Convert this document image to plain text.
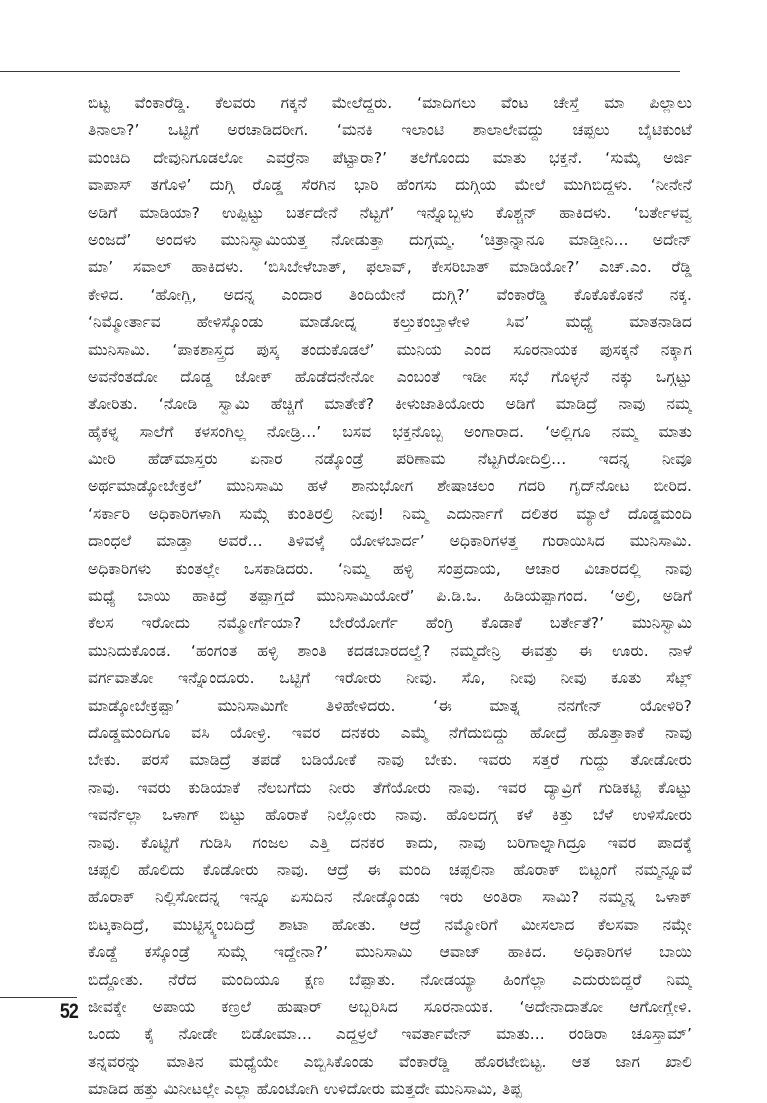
ಬಿಟ್ಟ ವೆಂಕಾರೆಡ್ಡಿ. ಕೆಲವರು ಗಕ್ಕನೆ ಮೇಲೆದ್ದರು. ‘ಮಾದಿಗಲು ವೆಂಟ ಚೇಸ್ತೆ ಮಾ ಪಿಲ್ಲಾಲು
ತಿನಾಲಾ?’ ಒಟ್ಟಿಗೆ ಅರಚಾಡಿದರೀಗ. ‘ಮನಕಿ ಇಲಾಂಟಿ ಶಾಲಾಲೇವದ್ದು ಚಪ್ಪಲು ಬೈಟಿಕುಂಟೆ
ಮಂಚಿದಿ ದೇವುನಿಗೂಡಲೋ ಎವರ್ರೆನಾ ಪೆಟ್ಟಾರಾ?’ ತಲೆಗೊಂದು ಮಾತು ಭಕ್ತನೆ. ‘ಸುಮ್ಕೆ ಅರ್ಜಿ
ವಾಪಾಸ್ ತಗೊಳಿ’ ದುಗ್ಗಿ ರೊಡ್ಡ ಸೆರಗಿನ ಭಾರಿ ಹೆಂಗಸು ದುಗ್ಗಿಯ ಮೇಲೆ ಮುಗಿಬಿದ್ದಳು. ‘ನೀನೇನೆ
ಅಡಿಗೆ ಮಾಡಿಯಾ? ಉಪ್ಪಿಟ್ಟು ಬರ್ತದೇನೆ ನೆಟ್ಟಗೆ’ ಇನ್ನೊಬ್ಬಳು ಕೊಶ್ಚನ್ ಹಾಕಿದಳು. ‘ಬರ್ತೇಳವ್ವ
ಅಂಜದೆ’ ಅಂದಳು ಮುನಿಸ್ವಾಮಿಯತ್ತ ನೋಡುತ್ತಾ ದುಗ್ಗಮ್ಮ. ‘ಚಿತ್ರಾನ್ನಾನೂ ಮಾಡ್ತೀನಿ... ಅದೇನ್
ಮಾ’ ಸವಾಲ್ ಹಾಕಿದಳು. ‘ಬಿಸಿಬೇಳೆಬಾತ್, ಫಲಾವ್, ಕೇಸರಿಬಾತ್ ಮಾಡಿಯೋ?’ ಎಚ್.ಎಂ. ರೆಡ್ಡಿ
ಕೇಳಿದ. ‘ಹೋಗ್ಲಿ, ಅದನ್ನ ಎಂದಾರ ತಿಂದಿಯೇನೆ ದುಗ್ಗಿ?’ ವೆಂಕಾರೆಡ್ಡಿ ಕೊಕೊಕೊಕನೆ ನಕ್ಕ.
‘ನಿಮ್ಮೋರ್ತಾವ ಹೇಳಿಸ್ಕೊಂಡು ಮಾಡೋದ್ನ ಕಲ್ತುಕಂಬ್ತಾಳೇಳಿ ಸಿವ’ ಮಧ್ಯೆ ಮಾತನಾಡಿದ
ಮುನಿಸಾಮಿ. ‘ಪಾಕಶಾಸ್ತ್ರದ ಪುಸ್ಕ ತಂದುಕೊಡಲೆ’ ಮುನಿಯ ಎಂದ ಸೂರನಾಯಕ ಪುಸಕ್ಕನೆ ನಕ್ಕಾಗ
ಅವನೆಂತದೋ ದೊಡ್ಡ ಜೋಕ್ ಹೊಡೆದನೇನೋ ಎಂಬಂತೆ ಇಡೀ ಸಭೆ ಗೊಳ್ಳನೆ ನಕ್ಕು ಒಗ್ಗಟ್ಟು
ತೋರಿತು. ‘ನೋಡಿ ಸ್ವಾಮಿ ಹೆಚ್ಚಿಗೆ ಮಾತೇಕೆ? ಕೀಳುಜಾತಿಯೋರು ಅಡಿಗೆ ಮಾಡಿದ್ರೆ ನಾವು ನಮ್ಮ
ಹೈಕಳ್ನ ಸಾಲೆಗೆ ಕಳಸಂಗಿಲ್ಲ ನೋಡ್ರಿ...’ ಬಸವ ಭಕ್ತನೊಬ್ಬ ಅಂಗಾರಾದ. ‘ಅಲ್ಲಿಗೂ ನಮ್ಮ ಮಾತು
ಮೀರಿ ಹೆಡ್‌ಮಾಸ್ತರು ಏನಾರ ನಡ್ಕೊಂಡ್ರೆ ಪರಿಣಾಮ ನೆಟ್ಟಗಿರೋದಿಲ್ರಿ... ಇದನ್ನ ನೀವೂ
ಅರ್ಥಮಾಡ್ಕೋಬೇಕ್ರಲೆ’ ಮುನಿಸಾಮಿ ಹಳೆ ಶಾನುಭೋಗ ಶೇಷಾಚಲಂ ಗದರಿ ಗೃದ್‌ನೋಟ ಬೀರಿದ.
‘ಸರ್ಕಾರಿ ಅಧಿಕಾರಿಗಳಾಗಿ ಸುಮ್ಗೆ ಕುಂತಿರಲ್ರಿ ನೀವು! ನಿಮ್ಮ ಎದುರ್ನಾಗೆ ದಲಿತರ ಮ್ಯಾಲೆ ದೊಡ್ಡಮಂದಿ
ದಾಂಧಲೆ ಮಾಡ್ತಾ ಅವರೆ... ತಿಳಿವಳ್ಕೆ ಯೋಳಬಾರ್ದ’ ಅಧಿಕಾರಿಗಳತ್ತ ಗುರಾಯಿಸಿದ ಮುನಿಸಾಮಿ.
ಅಧಿಕಾರಿಗಳು ಕುಂತಲ್ಲೇ ಒಸಕಾಡಿದರು. ‘ನಿಮ್ಮ ಹಳ್ಳಿ ಸಂಪ್ರದಾಯ, ಆಚಾರ ವಿಚಾರದಲ್ಲಿ ನಾವು
ಮಧ್ಯೆ ಬಾಯಿ ಹಾಕಿದ್ರೆ ತಪ್ಪಾಗ್ತದೆ ಮುನಿಸಾಮಿಯೋರೆ’ ಪಿ.ಡಿ.ಒ. ಹಿಡಿಯಪ್ಪಾಗಂದ. ‘ಅಲ್ರಿ, ಅಡಿಗೆ
ಕೆಲಸ ಇರೋದು ನಮ್ಮೋರ್ಗೆಯಾ? ಬೇರೆಯೋರ್ಗೆ ಹೆಂಗ್ರಿ ಕೊಡಾಕೆ ಬರ್ತೇತೆ?’ ಮುನಿಸ್ವಾಮಿ
ಮುನಿದುಕೊಂಡ. ‘ಹಂಗಂತ ಹಳ್ಳಿ ಶಾಂತಿ ಕದಡಬಾರದಲ್ವೆ? ನಮ್ಮದೇನ್ರಿ ಈವತ್ತು ಈ ಊರು. ನಾಳೆ
ವರ್ಗವಾತೋ ಇನ್ನೊಂದೂರು. ಒಟ್ಟಿಗೆ ಇರೋರು ನೀವು. ಸೊ, ನೀವು ನೀವು ಕೂತು ಸೆಟ್ಲ್
ಮಾಡ್ಕೋಬೇಕ್ರಪ್ಪಾ’ ಮುನಿಸಾಮಿಗೇ ತಿಳಿಹೇಳಿದರು. ‘ಈ ಮಾತ್ನ ನನಗೇನ್ ಯೋಳಿರಿ?
ದೊಡ್ಡಮಂದಿಗೂ ವಸಿ ಯೋಳ್ರಿ. ಇವರ ದನಕರು ಎಮ್ಮೆ ನೆಗೆದುಬಿದ್ದು ಹೋದ್ರೆ ಹೊತ್ತಾಕಾಕೆ ನಾವು
ಬೇಕು. ಪರಸೆ ಮಾಡಿದ್ರೆ ತಪಡೆ ಬಡಿಯೋಕೆ ನಾವು ಬೇಕು. ಇವರು ಸತ್ತರೆ ಗುದ್ದು ತೋಡೋರು
ನಾವು. ಇವರು ಕುಡಿಯಾಕೆ ನೆಲಬಗೆದು ನೀರು ತೆಗೆಯೋರು ನಾವು. ಇವರ ದ್ಯಾವ್ರಿಗೆ ಗುಡಿಕಟ್ಟಿ ಕೊಟ್ಟು
ಇವರ್ನೆಲ್ಲಾ ಒಳಾಗ್ ಬಿಟ್ಟು ಹೊರಾಕೆ ನಿಲ್ಲೋರು ನಾವು. ಹೊಲದಗ್ಗ ಕಳೆ ಕಿತ್ತು ಬೆಳೆ ಉಳಿಸೋರು
ನಾವು. ಕೊಟ್ಟಿಗೆ ಗುಡಿಸಿ ಗಂಜಲ ಎತ್ತಿ ದನಕರ ಕಾದು, ನಾವು ಬರಿಗಾಲ್ನಾಗಿದ್ರೂ ಇವರ ಪಾದಕ್ಕೆ
ಚಪ್ಪಲಿ ಹೊಲಿದು ಕೊಡೋರು ನಾವು. ಆದ್ರೆ ಈ ಮಂದಿ ಚಪ್ಪಲಿನಾ ಹೊರಾಕ್ ಬಿಟ್ಟಂಗೆ ನಮ್ಮನ್ನೂವೆ
ಹೊರಾಕ್ ನಿಲ್ಲಿಸೋದನ್ನ ಇನ್ನೂ ಏಸುದಿನ ನೋಡ್ಕೊಂಡು ಇರು ಅಂತಿರಾ ಸಾಮಿ? ನಮ್ಮನ್ನ ಒಳಾಕ್
ಬಿಟ್ಕಕಾದಿದ್ರೆ, ಮುಟ್ಟಿಸ್ಕ್ಯಂಬದಿದ್ರೆ ಶಾಟಾ ಹೋತು. ಆದ್ರೆ ನಮ್ಮೋರಿಗೆ ಮೀಸಲಾದ ಕೆಲಸವಾ ನಮ್ಗೇ
ಕೊಡ್ದೆ ಕಸ್ಕೊಂಡ್ರೆ ಸುಮ್ಗೆ ಇದ್ದೇನಾ?’ ಮುನಿಸಾಮಿ ಆವಾಜ್ ಹಾಕಿದ. ಅಧಿಕಾರಿಗಳ ಬಾಯಿ
ಬಿದ್ದೋತು. ನೆರೆದ ಮಂದಿಯೂ ಕ್ಷಣ ಬೆಪ್ಪಾತು. ನೋಡಯ್ಯಾ ಹಿಂಗೆಲ್ಲಾ ಎದುರುಬಿದ್ದರೆ ನಿಮ್ಮ
ಜೀವಕ್ಕೇ ಅಪಾಯ ಕಣ್ರಲೆ ಹುಷಾರ್ ಅಬ್ಬರಿಸಿದ ಸೂರನಾಯಕ. ‘ಅದೇನಾದಾತೋ ಆಗೋಗ್ಲೇಳಿ.
ಒಂದು ಕೈ ನೋಡೇ ಬಿಡೋಮಾ... ಎದ್ದಳ್ರಲೆ ಇವರ್ತಾವೇನ್ ಮಾತು... ರಂಡಿರಾ ಚೂಸ್ತಾಮ್’
ತನ್ನವರನ್ನು ಮಾತಿನ ಮಧ್ಯೆಯೇ ಎಬ್ಬಿಸಿಕೊಂಡು ವೆಂಕಾರೆಡ್ಡಿ ಹೊರಟೇಬಿಟ್ಟ. ಆತ ಜಾಗ ಖಾಲಿ
ಮಾಡಿದ ಹತ್ತು ಮಿನೀಟಲ್ಲೇ ಎಲ್ಲಾ ಹೊಂಟೋಗಿ ಉಳಿದೋರು ಮತ್ತದೇ ಮುನಿಸಾಮಿ, ತಿಪ್ಪ
52
